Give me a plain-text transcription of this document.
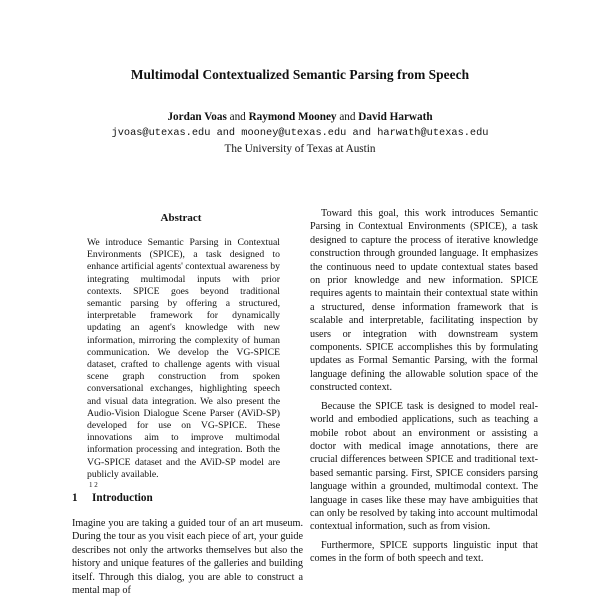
Multimodal Contextualized Semantic Parsing from Speech
Jordan Voas and Raymond Mooney and David Harwath
jvoas@utexas.edu and mooney@utexas.edu and harwath@utexas.edu
The University of Texas at Austin
Abstract
We introduce Semantic Parsing in Contextual Environments (SPICE), a task designed to enhance artificial agents' contextual awareness by integrating multimodal inputs with prior contexts. SPICE goes beyond traditional semantic parsing by offering a structured, interpretable framework for dynamically updating an agent's knowledge with new information, mirroring the complexity of human communication. We develop the VG-SPICE dataset, crafted to challenge agents with visual scene graph construction from spoken conversational exchanges, highlighting speech and visual data integration. We also present the Audio-Vision Dialogue Scene Parser (AViD-SP) developed for use on VG-SPICE. These innovations aim to improve multimodal information processing and integration. Both the VG-SPICE dataset and the AViD-SP model are publicly available.
1 2
1 Introduction

Imagine you are taking a guided tour of an art museum. During the tour as you visit each piece of art, your guide describes not only the artworks themselves but also the history and unique features of the galleries and building itself. Through this dialog, you are able to construct a mental map of

Toward this goal, this work introduces Semantic Parsing in Contextual Environments (SPICE), a task designed to capture the process of iterative knowledge construction through grounded language. It emphasizes the continuous need to update contextual states based on prior knowledge and new information. SPICE requires agents to maintain their contextual state within a structured, dense information framework that is scalable and interpretable, facilitating inspection by users or integration with downstream system components. SPICE accomplishes this by formulating updates as Formal Semantic Parsing, with the formal language defining the allowable solution space of the constructed context.

Because the SPICE task is designed to model real-world and embodied applications, such as teaching a mobile robot about an environment or assisting a doctor with medical image annotations, there are crucial differences between SPICE and traditional text-based semantic parsing. First, SPICE considers parsing language within a grounded, multimodal context. The language in cases like these may have ambiguities that can only be resolved by taking into account multimodal contextual information, such as from vision.

Furthermore, SPICE supports linguistic input that comes in the form of both speech and text.
